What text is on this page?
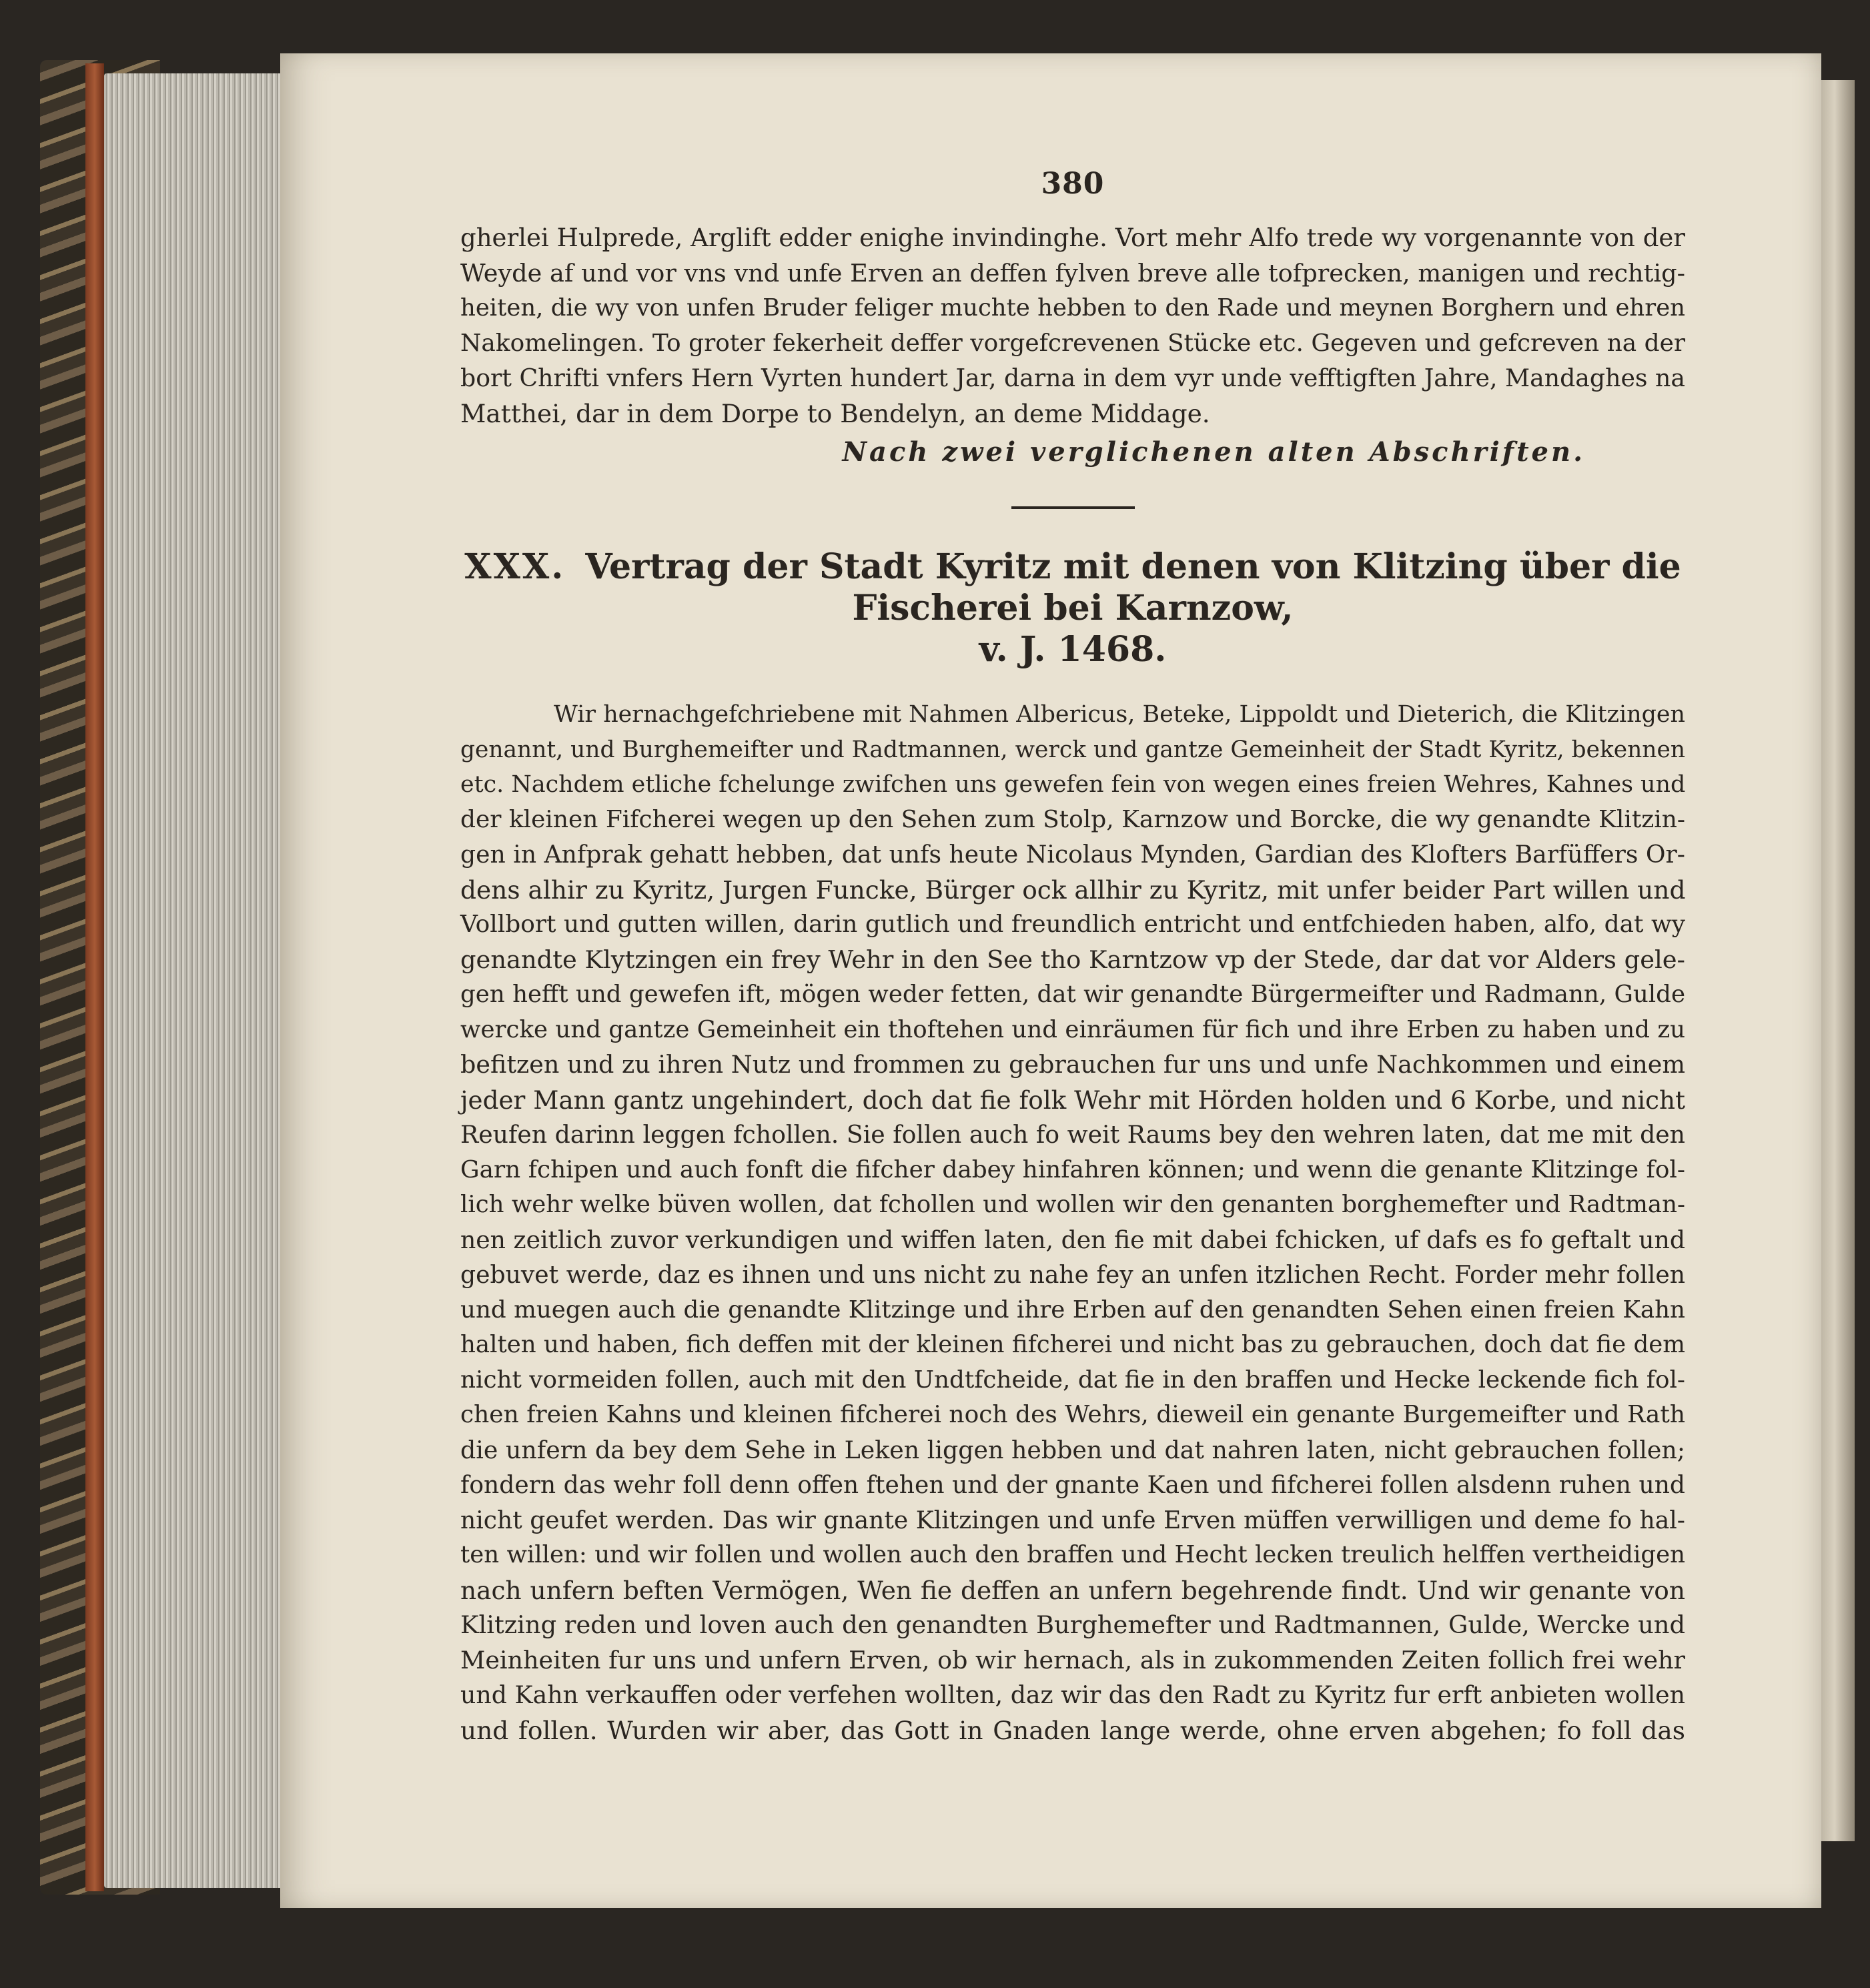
380
gherlei Hulprede, Arglift edder enighe invindinghe. Vort mehr Alfo trede wy vorgenannte von der
Weyde af und vor vns vnd unfe Erven an deffen fylven breve alle tofprecken, manigen und rechtig-
heiten, die wy von unfen Bruder feliger muchte hebben to den Rade und meynen Borghern und ehren
Nakomelingen. To groter fekerheit deffer vorgefcrevenen Stücke etc. Gegeven und gefcreven na der
bort Chrifti vnfers Hern Vyrten hundert Jar, darna in dem vyr unde vefftigften Jahre, Mandaghes na
Matthei, dar in dem Dorpe to Bendelyn, an deme Middage.
Nach zwei verglichenen alten Abschriften.
XXX. Vertrag der Stadt Kyritz mit denen von Klitzing über die Fischerei bei Karnzow,
v. J. 1468.
Wir hernachgefchriebene mit Nahmen Albericus, Beteke, Lippoldt und Dieterich, die Klitzingen
genannt, und Burghemeifter und Radtmannen, werck und gantze Gemeinheit der Stadt Kyritz, bekennen
etc. Nachdem etliche fchelunge zwifchen uns gewefen fein von wegen eines freien Wehres, Kahnes und
der kleinen Fifcherei wegen up den Sehen zum Stolp, Karnzow und Borcke, die wy genandte Klitzin-
gen in Anfprak gehatt hebben, dat unfs heute Nicolaus Mynden, Gardian des Klofters Barfüffers Or-
dens alhir zu Kyritz, Jurgen Funcke, Bürger ock allhir zu Kyritz, mit unfer beider Part willen und
Vollbort und gutten willen, darin gutlich und freundlich entricht und entfchieden haben, alfo, dat wy
genandte Klytzingen ein frey Wehr in den See tho Karntzow vp der Stede, dar dat vor Alders gele-
gen hefft und gewefen ift, mögen weder fetten, dat wir genandte Bürgermeifter und Radmann, Gulde
wercke und gantze Gemeinheit ein thoftehen und einräumen für fich und ihre Erben zu haben und zu
befitzen und zu ihren Nutz und frommen zu gebrauchen fur uns und unfe Nachkommen und einem
jeder Mann gantz ungehindert, doch dat fie folk Wehr mit Hörden holden und 6 Korbe, und nicht
Reufen darinn leggen fchollen. Sie follen auch fo weit Raums bey den wehren laten, dat me mit den
Garn fchipen und auch fonft die fifcher dabey hinfahren können; und wenn die genante Klitzinge fol-
lich wehr welke büven wollen, dat fchollen und wollen wir den genanten borghemefter und Radtman-
nen zeitlich zuvor verkundigen und wiffen laten, den fie mit dabei fchicken, uf dafs es fo geftalt und
gebuvet werde, daz es ihnen und uns nicht zu nahe fey an unfen itzlichen Recht. Forder mehr follen
und muegen auch die genandte Klitzinge und ihre Erben auf den genandten Sehen einen freien Kahn
halten und haben, fich deffen mit der kleinen fifcherei und nicht bas zu gebrauchen, doch dat fie dem
nicht vormeiden follen, auch mit den Undtfcheide, dat fie in den braffen und Hecke leckende fich fol-
chen freien Kahns und kleinen fifcherei noch des Wehrs, dieweil ein genante Burgemeifter und Rath
die unfern da bey dem Sehe in Leken liggen hebben und dat nahren laten, nicht gebrauchen follen;
fondern das wehr foll denn offen ftehen und der gnante Kaen und fifcherei follen alsdenn ruhen und
nicht geufet werden. Das wir gnante Klitzingen und unfe Erven müffen verwilligen und deme fo hal-
ten willen: und wir follen und wollen auch den braffen und Hecht lecken treulich helffen vertheidigen
nach unfern beften Vermögen, Wen fie deffen an unfern begehrende findt. Und wir genante von
Klitzing reden und loven auch den genandten Burghemefter und Radtmannen, Gulde, Wercke und
Meinheiten fur uns und unfern Erven, ob wir hernach, als in zukommenden Zeiten follich frei wehr
und Kahn verkauffen oder verfehen wollten, daz wir das den Radt zu Kyritz fur erft anbieten wollen
und follen. Wurden wir aber, das Gott in Gnaden lange werde, ohne erven abgehen; fo foll das
